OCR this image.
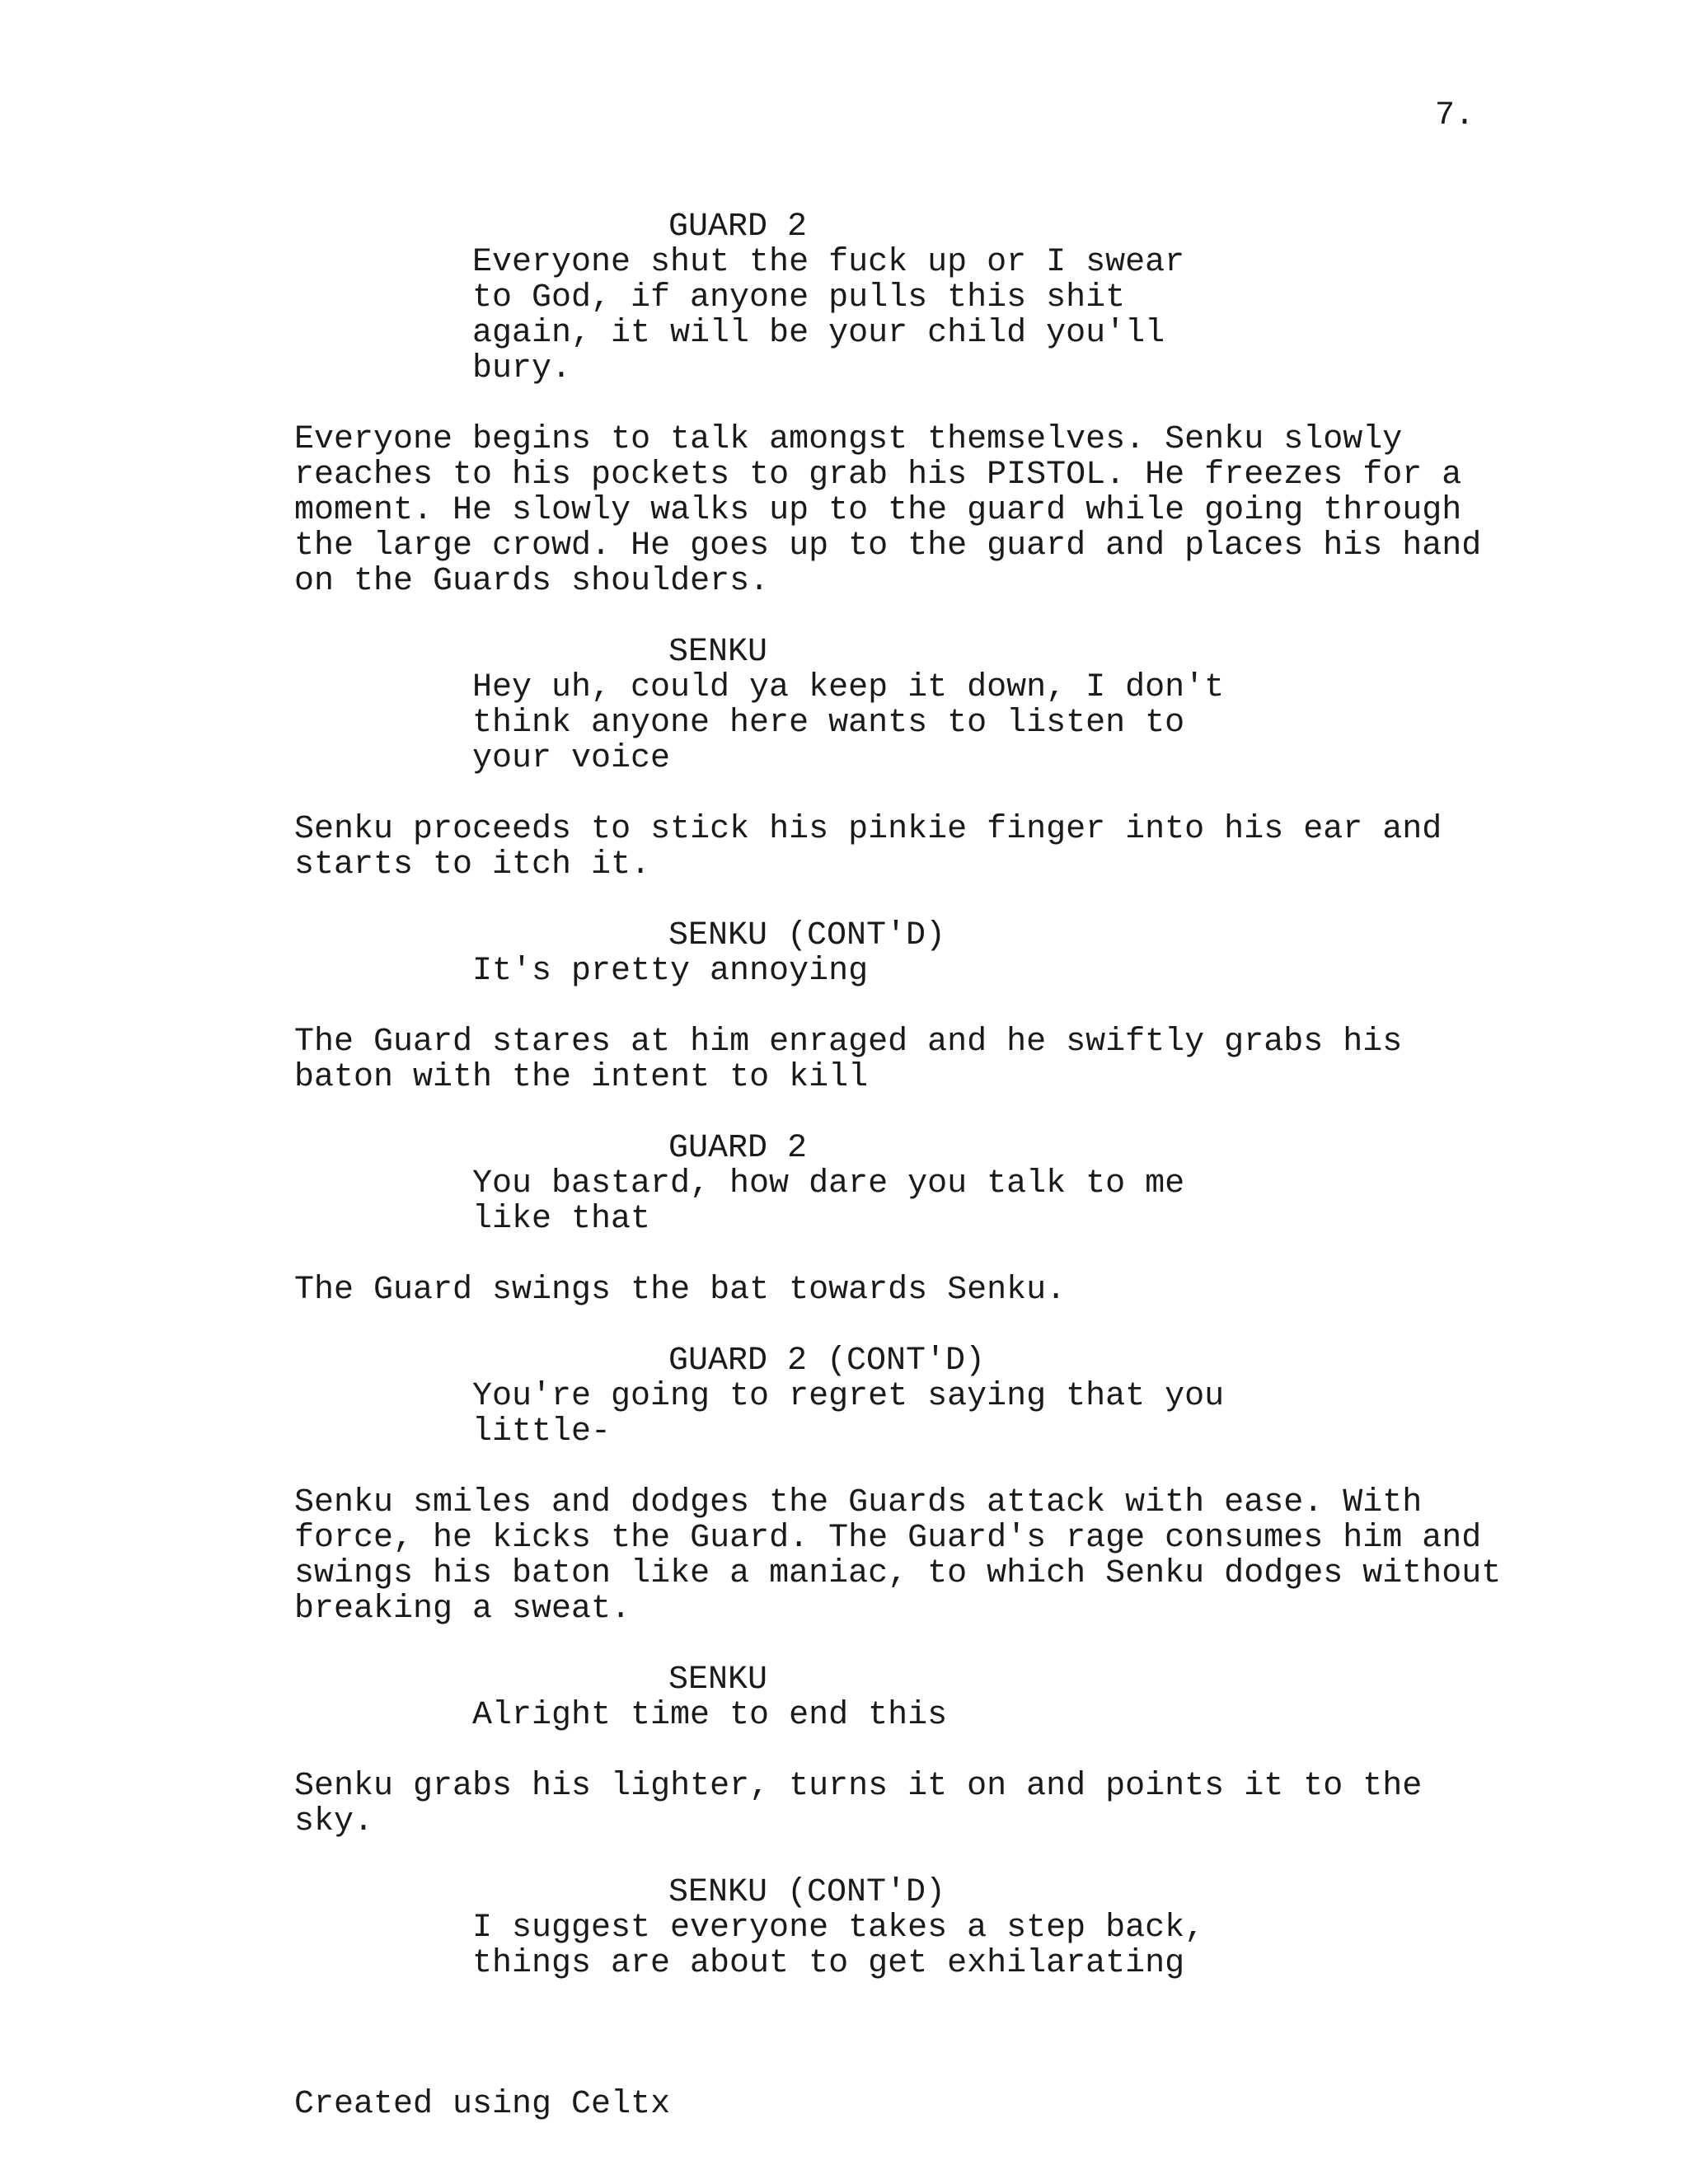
7.
GUARD 2
Everyone shut the fuck up or I swear
to God, if anyone pulls this shit
again, it will be your child you'll
bury.
Everyone begins to talk amongst themselves. Senku slowly
reaches to his pockets to grab his PISTOL. He freezes for a
moment. He slowly walks up to the guard while going through
the large crowd. He goes up to the guard and places his hand
on the Guards shoulders.
SENKU
Hey uh, could ya keep it down, I don't
think anyone here wants to listen to
your voice
Senku proceeds to stick his pinkie finger into his ear and
starts to itch it.
SENKU (CONT'D)
It's pretty annoying
The Guard stares at him enraged and he swiftly grabs his
baton with the intent to kill
GUARD 2
You bastard, how dare you talk to me
like that
The Guard swings the bat towards Senku.
GUARD 2 (CONT'D)
You're going to regret saying that you
little-
Senku smiles and dodges the Guards attack with ease. With
force, he kicks the Guard. The Guard's rage consumes him and
swings his baton like a maniac, to which Senku dodges without
breaking a sweat.
SENKU
Alright time to end this
Senku grabs his lighter, turns it on and points it to the
sky.
SENKU (CONT'D)
I suggest everyone takes a step back,
things are about to get exhilarating
Created using Celtx
